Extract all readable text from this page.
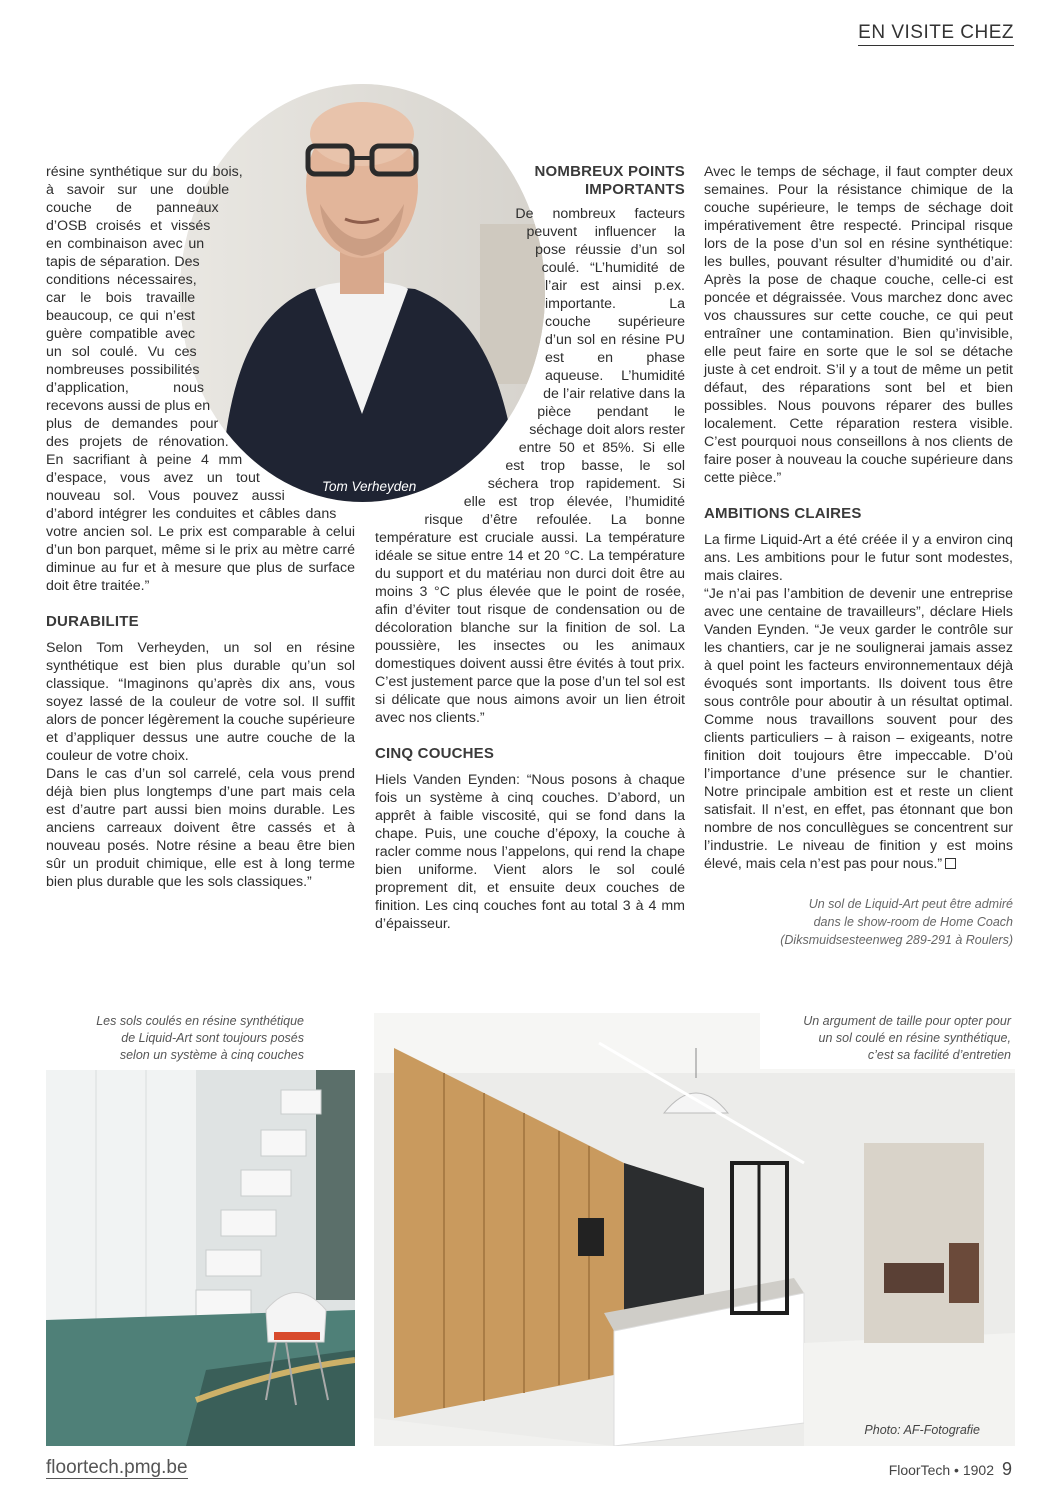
EN VISITE CHEZ
Tom Verheyden

résine synthétique sur du bois, à savoir sur une double couche de panneaux d’OSB croisés et vissés en combinaison avec un tapis de séparation. Des conditions nécessaires, car le bois travaille beaucoup, ce qui n’est guère compatible avec un sol coulé. Vu ces nombreuses possibilités d’application, nous recevons aussi de plus en plus de demandes pour des projets de rénovation. En sacrifiant à peine 4 mm d’espace, vous avez un tout nouveau sol. Vous pouvez aussi d’abord intégrer les conduites et câbles dans votre ancien sol. Le prix est comparable à celui d’un bon parquet, même si le prix au mètre carré diminue au fur et à mesure que plus de surface doit être traitée.”

DURABILITE

Selon Tom Verheyden, un sol en résine synthétique est bien plus durable qu’un sol classique. “Imaginons qu’après dix ans, vous soyez lassé de la couleur de votre sol. Il suffit alors de poncer légèrement la couche supérieure et d’appliquer dessus une autre couche de la couleur de votre choix.

Dans le cas d’un sol carrelé, cela vous prend déjà bien plus longtemps d’une part mais cela est d’autre part aussi bien moins durable. Les anciens carreaux doivent être cassés et à nouveau posés. Notre résine a beau être bien sûr un produit chimique, elle est à long terme bien plus durable que les sols classiques.”

NOMBREUX POINTS IMPORTANTS

De nombreux facteurs peuvent influencer la pose réussie d’un sol coulé. “L’humidité de l’air est ainsi p.ex. importante. La couche supérieure d’un sol en résine PU est en phase aqueuse. L’humidité de l’air relative dans la pièce pendant le séchage doit alors rester entre 50 et 85%. Si elle est trop basse, le sol séchera trop rapidement. Si elle est trop élevée, l’humidité risque d’être refoulée. La bonne température est cruciale aussi. La température idéale se situe entre 14 et 20 °C. La température du support et du matériau non durci doit être au moins 3 °C plus élevée que le point de rosée, afin d’éviter tout risque de condensation ou de décoloration blanche sur la finition de sol. La poussière, les insectes ou les animaux domestiques doivent aussi être évités à tout prix. C’est justement parce que la pose d’un tel sol est si délicate que nous aimons avoir un lien étroit avec nos clients.”

CINQ COUCHES

Hiels Vanden Eynden: “Nous posons à chaque fois un système à cinq couches. D’abord, un apprêt à faible viscosité, qui se fond dans la chape. Puis, une couche d’époxy, la couche à racler comme nous l’appelons, qui rend la chape bien uniforme. Vient alors le sol coulé proprement dit, et ensuite deux couches de finition. Les cinq couches font au total 3 à 4 mm d’épaisseur.

Avec le temps de séchage, il faut compter deux semaines. Pour la résistance chimique de la couche supérieure, le temps de séchage doit impérativement être respecté. Principal risque lors de la pose d’un sol en résine synthétique: les bulles, pouvant résulter d’humidité ou d’air. Après la pose de chaque couche, celle-ci est poncée et dégraissée. Vous marchez donc avec vos chaussures sur cette couche, ce qui peut entraîner une contamination. Bien qu’invisible, elle peut faire en sorte que le sol se détache juste à cet endroit. S’il y a tout de même un petit défaut, des réparations sont bel et bien possibles. Nous pouvons réparer des bulles localement. Cette réparation restera visible. C’est pourquoi nous conseillons à nos clients de faire poser à nouveau la couche supérieure dans cette pièce.”

AMBITIONS CLAIRES

La firme Liquid-Art a été créée il y a environ cinq ans. Les ambitions pour le futur sont modestes, mais claires.

“Je n’ai pas l’ambition de devenir une entreprise avec une centaine de travailleurs”, déclare Hiels Vanden Eynden. “Je veux garder le contrôle sur les chantiers, car je ne soulignerai jamais assez à quel point les facteurs environnementaux déjà évoqués sont importants. Ils doivent tous être sous contrôle pour aboutir à un résultat optimal. Comme nous travaillons souvent pour des clients particuliers – à raison – exigeants, notre finition doit toujours être impeccable. D’où l’importance d’une présence sur le chantier. Notre principale ambition est et reste un client satisfait. Il n’est, en effet, pas étonnant que bon nombre de nos concullègues se concentrent sur l’industrie. Le niveau de finition y est moins élevé, mais cela n’est pas pour nous.”

Un sol de Liquid-Art peut être admiré
dans le show-room de Home Coach
(Diksmuidsesteenweg 289-291 à Roulers)
Les sols coulés en résine synthétique
de Liquid-Art sont toujours posés
selon un système à cinq couches
Un argument de taille pour opter pour
un sol coulé en résine synthétique,
c’est sa facilité d’entretien
Photo: AF-Fotografie
floortech.pmg.be	FloorTech • 1902 9
